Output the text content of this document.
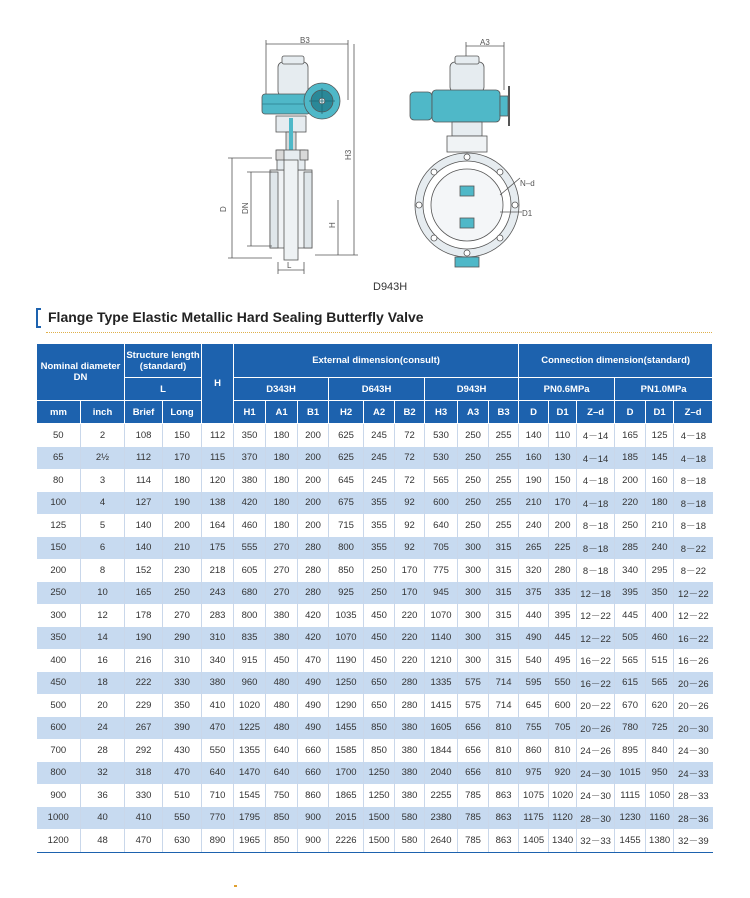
B3
D DN
H3
H
L
A3
N–d
D1
D943H
Flange Type Elastic Metallic Hard Sealing Butterfly Valve
Nominal diameter DN		Structure length (standard)		H	External dimension(consult)									Connection dimension(standard)					
		L			D343H			D643H			D943H			PN0.6MPa			PN1.0MPa		
mm	inch	Brief	Long		H1	A1	B1	H2	A2	B2	H3	A3	B3	D	D1	Z–d	D	D1	Z–d
50	2	108	150	112	350	180	200	625	245	72	530	250	255	140	110	4－14	165	125	4－18
65	2½	112	170	115	370	180	200	625	245	72	530	250	255	160	130	4－14	185	145	4－18
80	3	114	180	120	380	180	200	645	245	72	565	250	255	190	150	4－18	200	160	8－18
100	4	127	190	138	420	180	200	675	355	92	600	250	255	210	170	4－18	220	180	8－18
125	5	140	200	164	460	180	200	715	355	92	640	250	255	240	200	8－18	250	210	8－18
150	6	140	210	175	555	270	280	800	355	92	705	300	315	265	225	8－18	285	240	8－22
200	8	152	230	218	605	270	280	850	250	170	775	300	315	320	280	8－18	340	295	8－22
250	10	165	250	243	680	270	280	925	250	170	945	300	315	375	335	12－18	395	350	12－22
300	12	178	270	283	800	380	420	1035	450	220	1070	300	315	440	395	12－22	445	400	12－22
350	14	190	290	310	835	380	420	1070	450	220	1140	300	315	490	445	12－22	505	460	16－22
400	16	216	310	340	915	450	470	1190	450	220	1210	300	315	540	495	16－22	565	515	16－26
450	18	222	330	380	960	480	490	1250	650	280	1335	575	714	595	550	16－22	615	565	20－26
500	20	229	350	410	1020	480	490	1290	650	280	1415	575	714	645	600	20－22	670	620	20－26
600	24	267	390	470	1225	480	490	1455	850	380	1605	656	810	755	705	20－26	780	725	20－30
700	28	292	430	550	1355	640	660	1585	850	380	1844	656	810	860	810	24－26	895	840	24－30
800	32	318	470	640	1470	640	660	1700	1250	380	2040	656	810	975	920	24－30	1015	950	24－33
900	36	330	510	710	1545	750	860	1865	1250	380	2255	785	863	1075	1020	24－30	1115	1050	28－33
1000	40	410	550	770	1795	850	900	2015	1500	580	2380	785	863	1175	1120	28－30	1230	1160	28－36
1200	48	470	630	890	1965	850	900	2226	1500	580	2640	785	863	1405	1340	32－33	1455	1380	32－39
